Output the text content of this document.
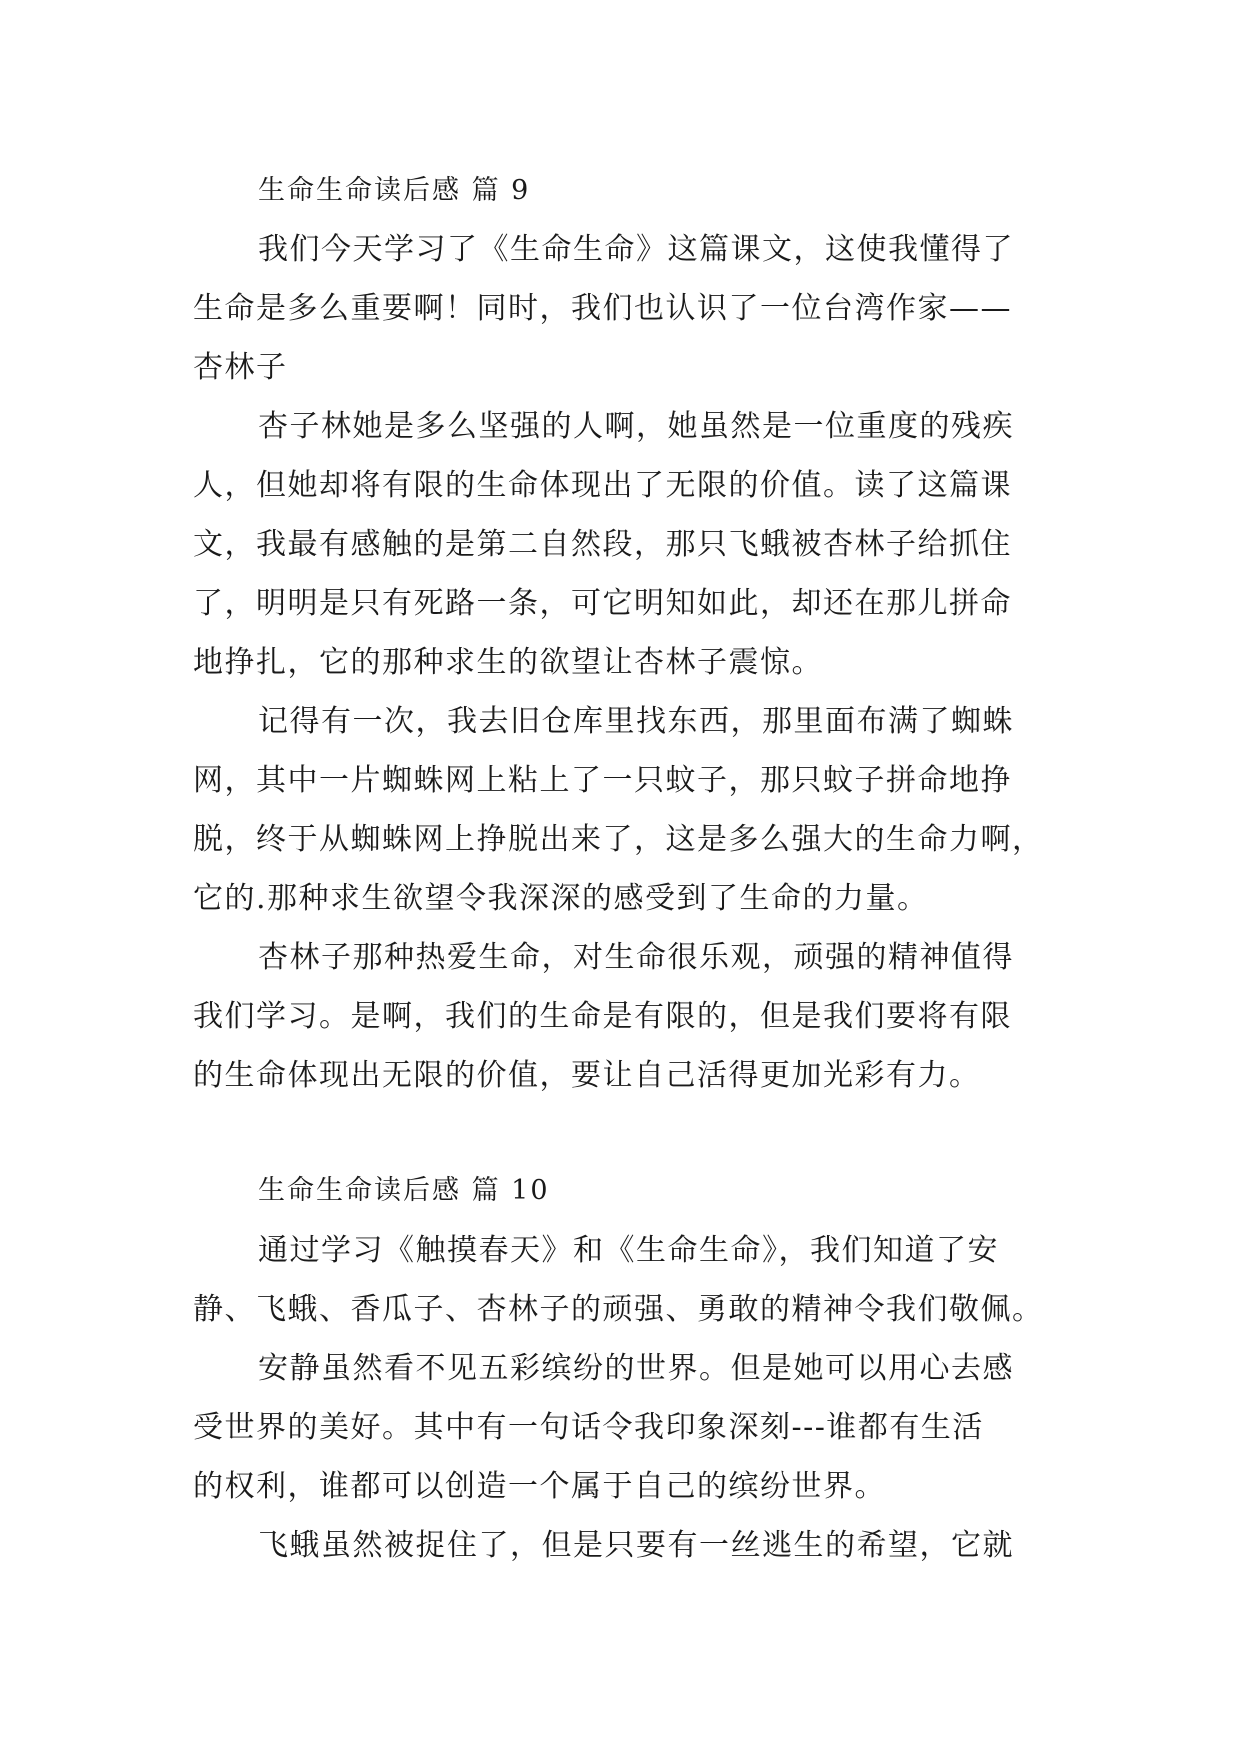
生命生命读后感 篇 9
我们今天学习了《生命生命》这篇课文，这使我懂得了
生命是多么重要啊！同时，我们也认识了一位台湾作家——
杏林子
杏子林她是多么坚强的人啊，她虽然是一位重度的残疾
人，但她却将有限的生命体现出了无限的价值。读了这篇课
文，我最有感触的是第二自然段，那只飞蛾被杏林子给抓住
了，明明是只有死路一条，可它明知如此，却还在那儿拼命
地挣扎，它的那种求生的欲望让杏林子震惊。
记得有一次，我去旧仓库里找东西，那里面布满了蜘蛛
网，其中一片蜘蛛网上粘上了一只蚊子，那只蚊子拼命地挣
脱，终于从蜘蛛网上挣脱出来了，这是多么强大的生命力啊，
它的.那种求生欲望令我深深的感受到了生命的力量。
杏林子那种热爱生命，对生命很乐观，顽强的精神值得
我们学习。是啊，我们的生命是有限的，但是我们要将有限
的生命体现出无限的价值，要让自己活得更加光彩有力。
生命生命读后感 篇 10
通过学习《触摸春天》和《生命生命》，我们知道了安
静、飞蛾、香瓜子、杏林子的顽强、勇敢的精神令我们敬佩。
安静虽然看不见五彩缤纷的世界。但是她可以用心去感
受世界的美好。其中有一句话令我印象深刻---谁都有生活
的权利，谁都可以创造一个属于自己的缤纷世界。
飞蛾虽然被捉住了，但是只要有一丝逃生的希望，它就
